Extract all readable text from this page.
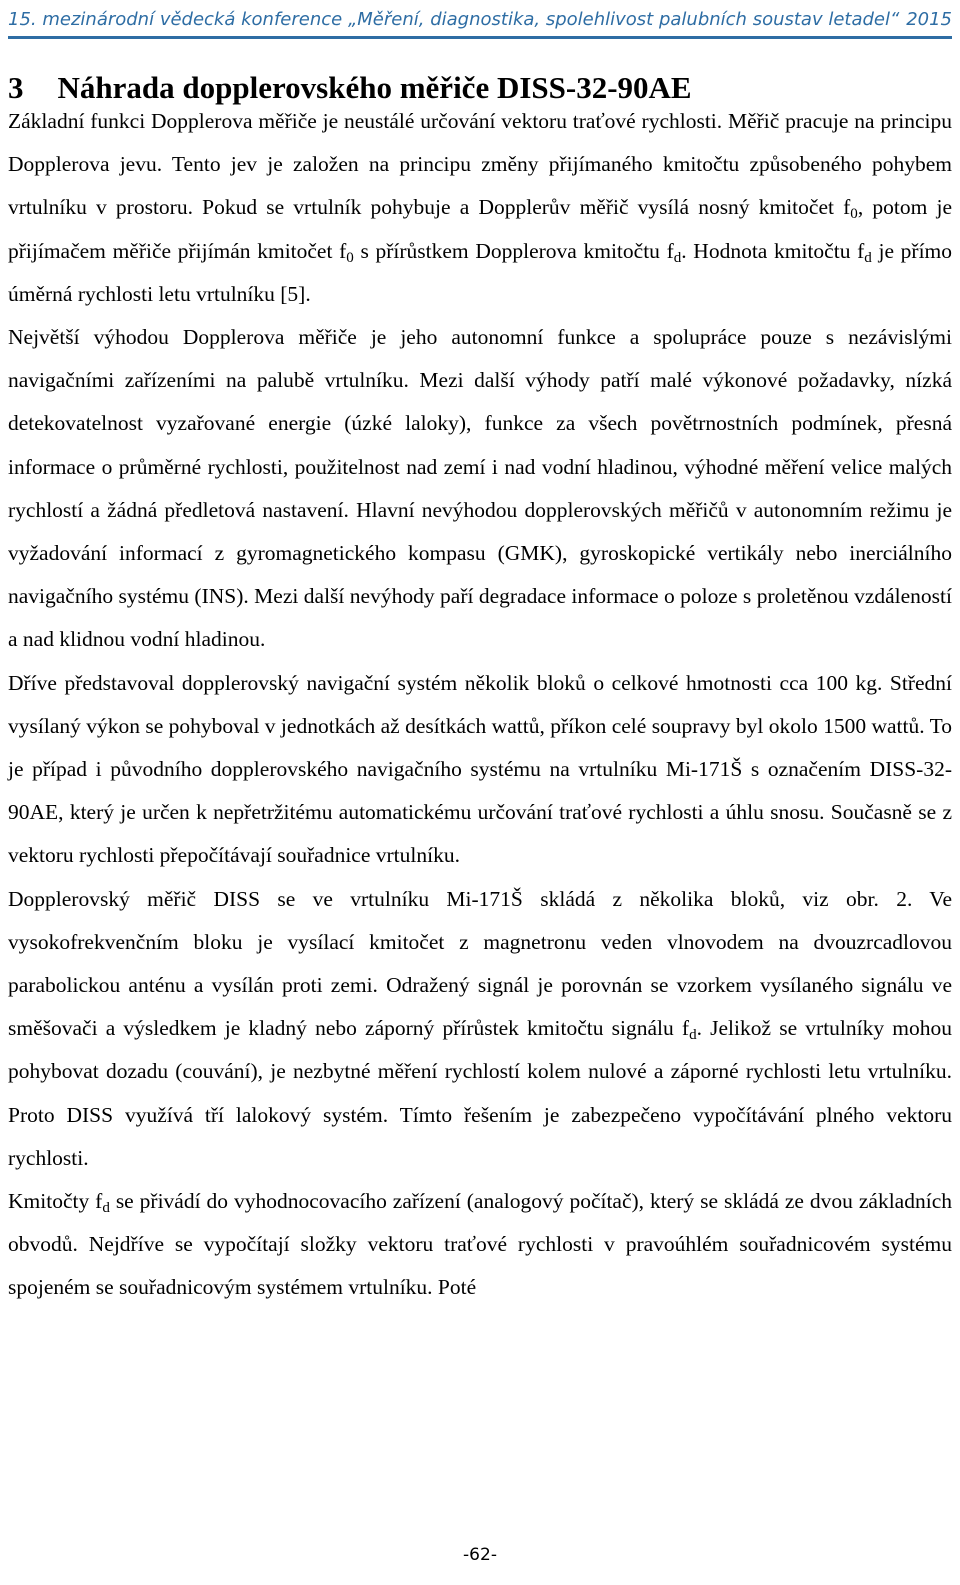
15. mezinárodní vědecká konference „Měření, diagnostika, spolehlivost palubních soustav letadel“ 2015
3 Náhrada dopplerovského měřiče DISS-32-90AE

Základní funkci Dopplerova měřiče je neustálé určování vektoru traťové rychlosti. Měřič pracuje na principu Dopplerova jevu. Tento jev je založen na principu změny přijímaného kmitočtu způsobeného pohybem vrtulníku v prostoru. Pokud se vrtulník pohybuje a Dopplerův měřič vysílá nosný kmitočet $f_0$, potom je přijímačem měřiče přijímán kmitočet $f_0$ s přírůstkem Dopplerova kmitočtu $f_d$. Hodnota kmitočtu $f_d$ je přímo úměrná rychlosti letu vrtulníku [5].

Největší výhodou Dopplerova měřiče je jeho autonomní funkce a spolupráce pouze s nezávislými navigačními zařízeními na palubě vrtulníku. Mezi další výhody patří malé výkonové požadavky, nízká detekovatelnost vyzařované energie (úzké laloky), funkce za všech povětrnostních podmínek, přesná informace o průměrné rychlosti, použitelnost nad zemí i nad vodní hladinou, výhodné měření velice malých rychlostí a žádná předletová nastavení. Hlavní nevýhodou dopplerovských měřičů v autonomním režimu je vyžadování informací z gyromagnetického kompasu (GMK), gyroskopické vertikály nebo inerciálního navigačního systému (INS). Mezi další nevýhody paří degradace informace o poloze s proletěnou vzdáleností a nad klidnou vodní hladinou.

Dříve představoval dopplerovský navigační systém několik bloků o celkové hmotnosti cca 100 kg. Střední vysílaný výkon se pohyboval v jednotkách až desítkách wattů, příkon celé soupravy byl okolo 1500 wattů. To je případ i původního dopplerovského navigačního systému na vrtulníku Mi-171Š s označením DISS-32-90AE, který je určen k nepřetržitému automatickému určování traťové rychlosti a úhlu snosu. Současně se z vektoru rychlosti přepočítávají souřadnice vrtulníku.

Dopplerovský měřič DISS se ve vrtulníku Mi-171Š skládá z několika bloků, viz obr. 2. Ve vysokofrekvenčním bloku je vysílací kmitočet z magnetronu veden vlnovodem na dvouzrcadlovou parabolickou anténu a vysílán proti zemi. Odražený signál je porovnán se vzorkem vysílaného signálu ve směšovači a výsledkem je kladný nebo záporný přírůstek kmitočtu signálu $f_d$. Jelikož se vrtulníky mohou pohybovat dozadu (couvání), je nezbytné měření rychlostí kolem nulové a záporné rychlosti letu vrtulníku. Proto DISS využívá tří lalokový systém. Tímto řešením je zabezpečeno vypočítávání plného vektoru rychlosti.

Kmitočty $f_d$ se přivádí do vyhodnocovacího zařízení (analogový počítač), který se skládá ze dvou základních obvodů. Nejdříve se vypočítají složky vektoru traťové rychlosti v pravoúhlém souřadnicovém systému spojeném se souřadnicovým systémem vrtulníku. Poté

-62-
